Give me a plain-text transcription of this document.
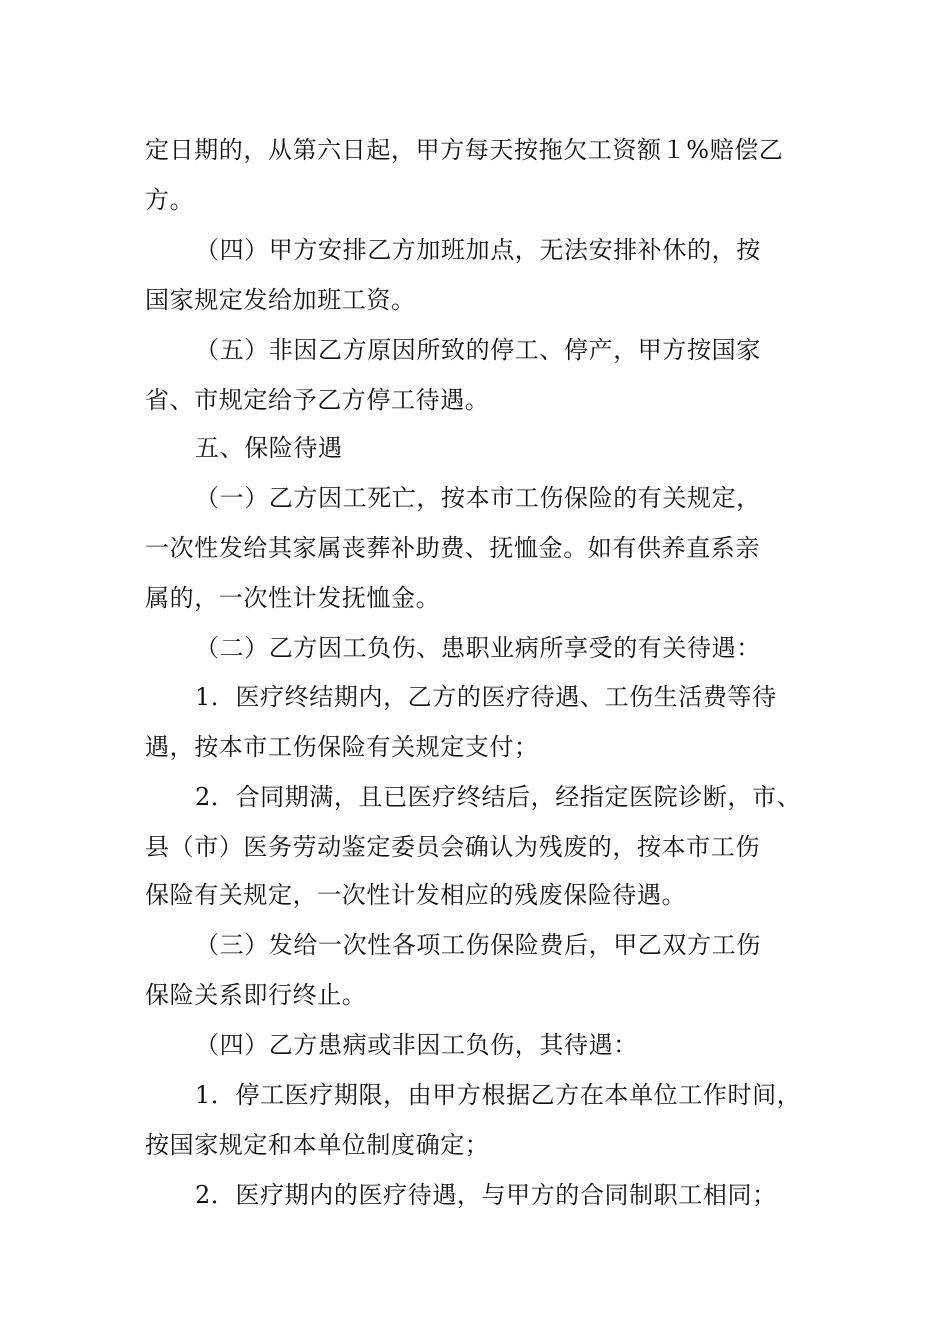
定日期的，从第六日起，甲方每天按拖欠工资额１%赔偿乙
方。
（四）甲方安排乙方加班加点，无法安排补休的，按
国家规定发给加班工资。
（五）非因乙方原因所致的停工、停产，甲方按国家
省、市规定给予乙方停工待遇。
五、保险待遇
（一）乙方因工死亡，按本市工伤保险的有关规定，
一次性发给其家属丧葬补助费、抚恤金。如有供养直系亲
属的，一次性计发抚恤金。
（二）乙方因工负伤、患职业病所享受的有关待遇：
1．医疗终结期内，乙方的医疗待遇、工伤生活费等待
遇，按本市工伤保险有关规定支付；
2．合同期满，且已医疗终结后，经指定医院诊断，市、
县（市）医务劳动鉴定委员会确认为残废的，按本市工伤
保险有关规定，一次性计发相应的残废保险待遇。
（三）发给一次性各项工伤保险费后，甲乙双方工伤
保险关系即行终止。
（四）乙方患病或非因工负伤，其待遇：
1．停工医疗期限，由甲方根据乙方在本单位工作时间，
按国家规定和本单位制度确定；
2．医疗期内的医疗待遇，与甲方的合同制职工相同；
